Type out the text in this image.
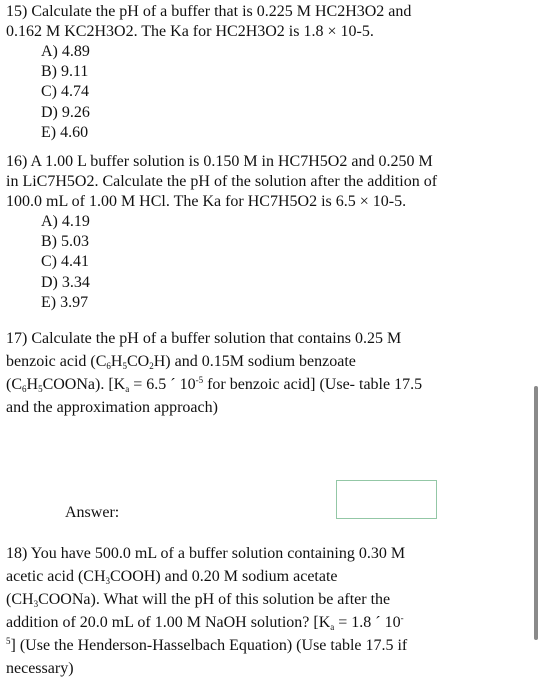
15) Calculate the pH of a buffer that is 0.225 M HC2H3O2 and

0.162 M KC2H3O2. The Ka for HC2H3O2 is 1.8 × 10-5.

A) 4.89
B) 9.11
C) 4.74
D) 9.26
E) 4.60

16) A 1.00 L buffer solution is 0.150 M in HC7H5O2 and 0.250 M

in LiC7H5O2. Calculate the pH of the solution after the addition of

100.0 mL of 1.00 M HCl. The Ka for HC7H5O2 is 6.5 × 10-5.

A) 4.19
B) 5.03
C) 4.41
D) 3.34
E) 3.97

17) Calculate the pH of a buffer solution that contains 0.25 M

benzoic acid $(C_6H_5CO_2H)$ and 0.15M sodium benzoate

$(C_6H_5COONa)$. [$K_a = 6.5$ ´ $10^{-5}$ for benzoic acid] (Use- table 17.5

and the approximation approach)

Answer:

18) You have 500.0 mL of a buffer solution containing 0.30 M

acetic acid $(CH_3COOH)$ and 0.20 M sodium acetate

$(CH_3COONa)$. What will the pH of this solution be after the

addition of 20.0 mL of 1.00 M NaOH solution? [$K_a = 1.8$ ´ 10-

$^5$] (Use the Henderson-Hasselbach Equation) (Use table 17.5 if

necessary)
